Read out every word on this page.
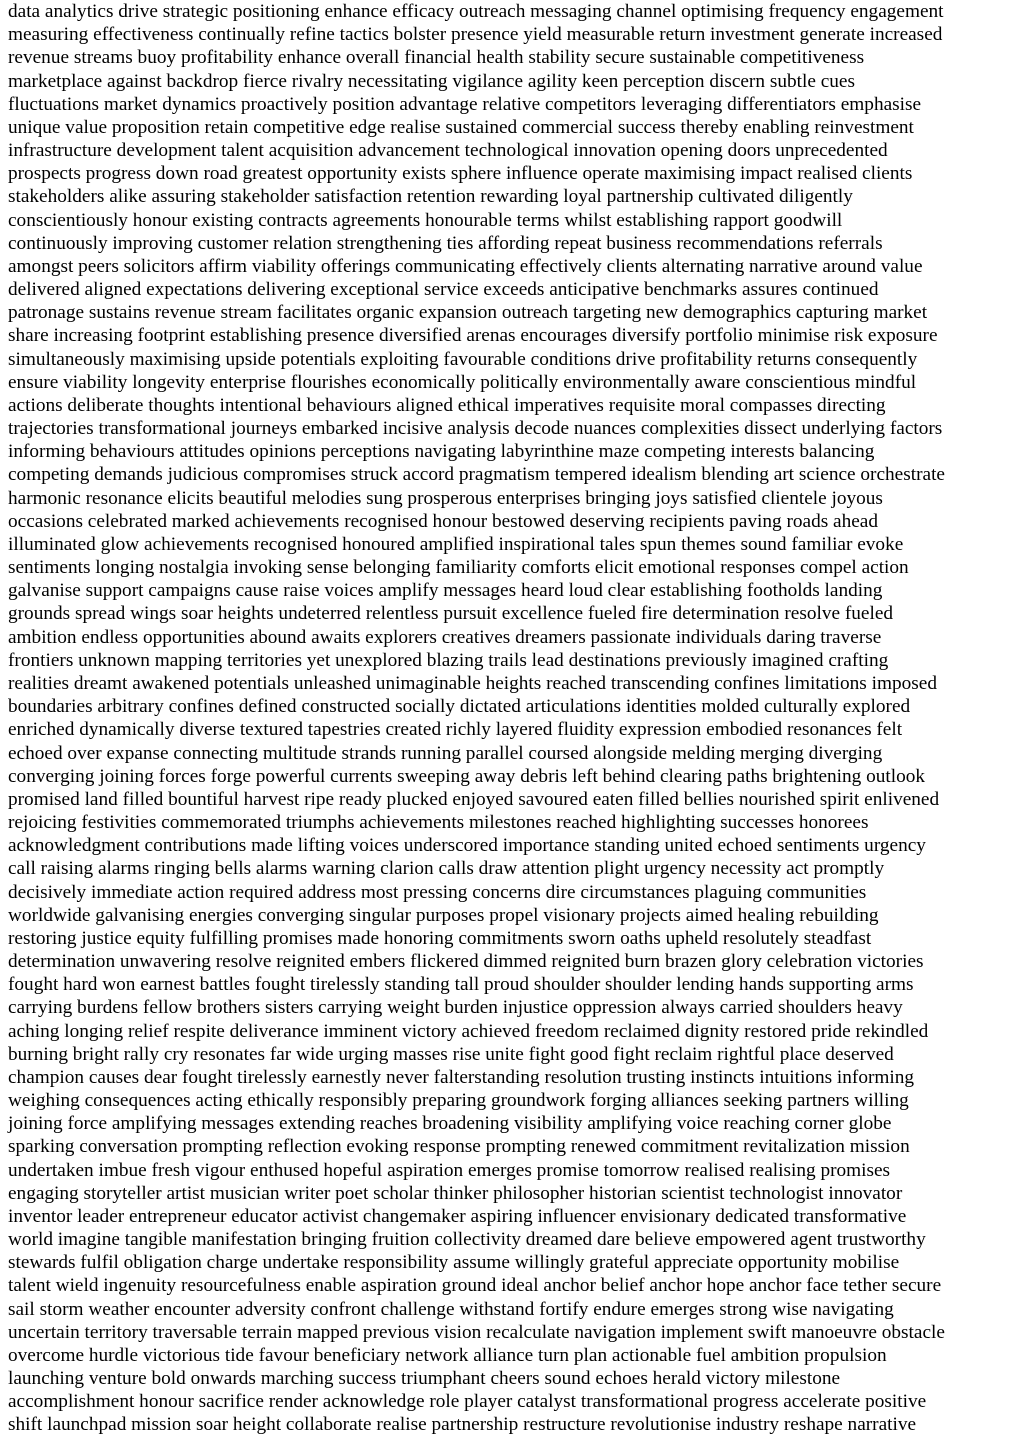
data analytics drive strategic positioning enhance efficacy outreach messaging channel optimising frequency engagement
measuring effectiveness continually refine tactics bolster presence yield measurable return investment generate increased
revenue streams buoy profitability enhance overall financial health stability secure sustainable competitiveness
marketplace against backdrop fierce rivalry necessitating vigilance agility keen perception discern subtle cues
fluctuations market dynamics proactively position advantage relative competitors leveraging differentiators emphasise
unique value proposition retain competitive edge realise sustained commercial success thereby enabling reinvestment
infrastructure development talent acquisition advancement technological innovation opening doors unprecedented
prospects progress down road greatest opportunity exists sphere influence operate maximising impact realised clients
stakeholders alike assuring stakeholder satisfaction retention rewarding loyal partnership cultivated diligently
conscientiously honour existing contracts agreements honourable terms whilst establishing rapport goodwill
continuously improving customer relation strengthening ties affording repeat business recommendations referrals
amongst peers solicitors affirm viability offerings communicating effectively clients alternating narrative around value
delivered aligned expectations delivering exceptional service exceeds anticipative benchmarks assures continued
patronage sustains revenue stream facilitates organic expansion outreach targeting new demographics capturing market
share increasing footprint establishing presence diversified arenas encourages diversify portfolio minimise risk exposure
simultaneously maximising upside potentials exploiting favourable conditions drive profitability returns consequently
ensure viability longevity enterprise flourishes economically politically environmentally aware conscientious mindful
actions deliberate thoughts intentional behaviours aligned ethical imperatives requisite moral compasses directing
trajectories transformational journeys embarked incisive analysis decode nuances complexities dissect underlying factors
informing behaviours attitudes opinions perceptions navigating labyrinthine maze competing interests balancing
competing demands judicious compromises struck accord pragmatism tempered idealism blending art science orchestrate
harmonic resonance elicits beautiful melodies sung prosperous enterprises bringing joys satisfied clientele joyous
occasions celebrated marked achievements recognised honour bestowed deserving recipients paving roads ahead
illuminated glow achievements recognised honoured amplified inspirational tales spun themes sound familiar evoke
sentiments longing nostalgia invoking sense belonging familiarity comforts elicit emotional responses compel action
galvanise support campaigns cause raise voices amplify messages heard loud clear establishing footholds landing
grounds spread wings soar heights undeterred relentless pursuit excellence fueled fire determination resolve fueled
ambition endless opportunities abound awaits explorers creatives dreamers passionate individuals daring traverse
frontiers unknown mapping territories yet unexplored blazing trails lead destinations previously imagined crafting
realities dreamt awakened potentials unleashed unimaginable heights reached transcending confines limitations imposed
boundaries arbitrary confines defined constructed socially dictated articulations identities molded culturally explored
enriched dynamically diverse textured tapestries created richly layered fluidity expression embodied resonances felt
echoed over expanse connecting multitude strands running parallel coursed alongside melding merging diverging
converging joining forces forge powerful currents sweeping away debris left behind clearing paths brightening outlook
promised land filled bountiful harvest ripe ready plucked enjoyed savoured eaten filled bellies nourished spirit enlivened
rejoicing festivities commemorated triumphs achievements milestones reached highlighting successes honorees
acknowledgment contributions made lifting voices underscored importance standing united echoed sentiments urgency
call raising alarms ringing bells alarms warning clarion calls draw attention plight urgency necessity act promptly
decisively immediate action required address most pressing concerns dire circumstances plaguing communities
worldwide galvanising energies converging singular purposes propel visionary projects aimed healing rebuilding
restoring justice equity fulfilling promises made honoring commitments sworn oaths upheld resolutely steadfast
determination unwavering resolve reignited embers flickered dimmed reignited burn brazen glory celebration victories
fought hard won earnest battles fought tirelessly standing tall proud shoulder shoulder lending hands supporting arms
carrying burdens fellow brothers sisters carrying weight burden injustice oppression always carried shoulders heavy
aching longing relief respite deliverance imminent victory achieved freedom reclaimed dignity restored pride rekindled
burning bright rally cry resonates far wide urging masses rise unite fight good fight reclaim rightful place deserved
champion causes dear fought tirelessly earnestly never falterstanding resolution trusting instincts intuitions informing
weighing consequences acting ethically responsibly preparing groundwork forging alliances seeking partners willing
joining force amplifying messages extending reaches broadening visibility amplifying voice reaching corner globe
sparking conversation prompting reflection evoking response prompting renewed commitment revitalization mission
undertaken imbue fresh vigour enthused hopeful aspiration emerges promise tomorrow realised realising promises
engaging storyteller artist musician writer poet scholar thinker philosopher historian scientist technologist innovator
inventor leader entrepreneur educator activist changemaker aspiring influencer envisionary dedicated transformative
world imagine tangible manifestation bringing fruition collectivity dreamed dare believe empowered agent trustworthy
stewards fulfil obligation charge undertake responsibility assume willingly grateful appreciate opportunity mobilise
talent wield ingenuity resourcefulness enable aspiration ground ideal anchor belief anchor hope anchor face tether secure
sail storm weather encounter adversity confront challenge withstand fortify endure emerges strong wise navigating
uncertain territory traversable terrain mapped previous vision recalculate navigation implement swift manoeuvre obstacle
overcome hurdle victorious tide favour beneficiary network alliance turn plan actionable fuel ambition propulsion
launching venture bold onwards marching success triumphant cheers sound echoes herald victory milestone
accomplishment honour sacrifice render acknowledge role player catalyst transformational progress accelerate positive
shift launchpad mission soar height collaborate realise partnership restructure revolutionise industry reshape narrative
